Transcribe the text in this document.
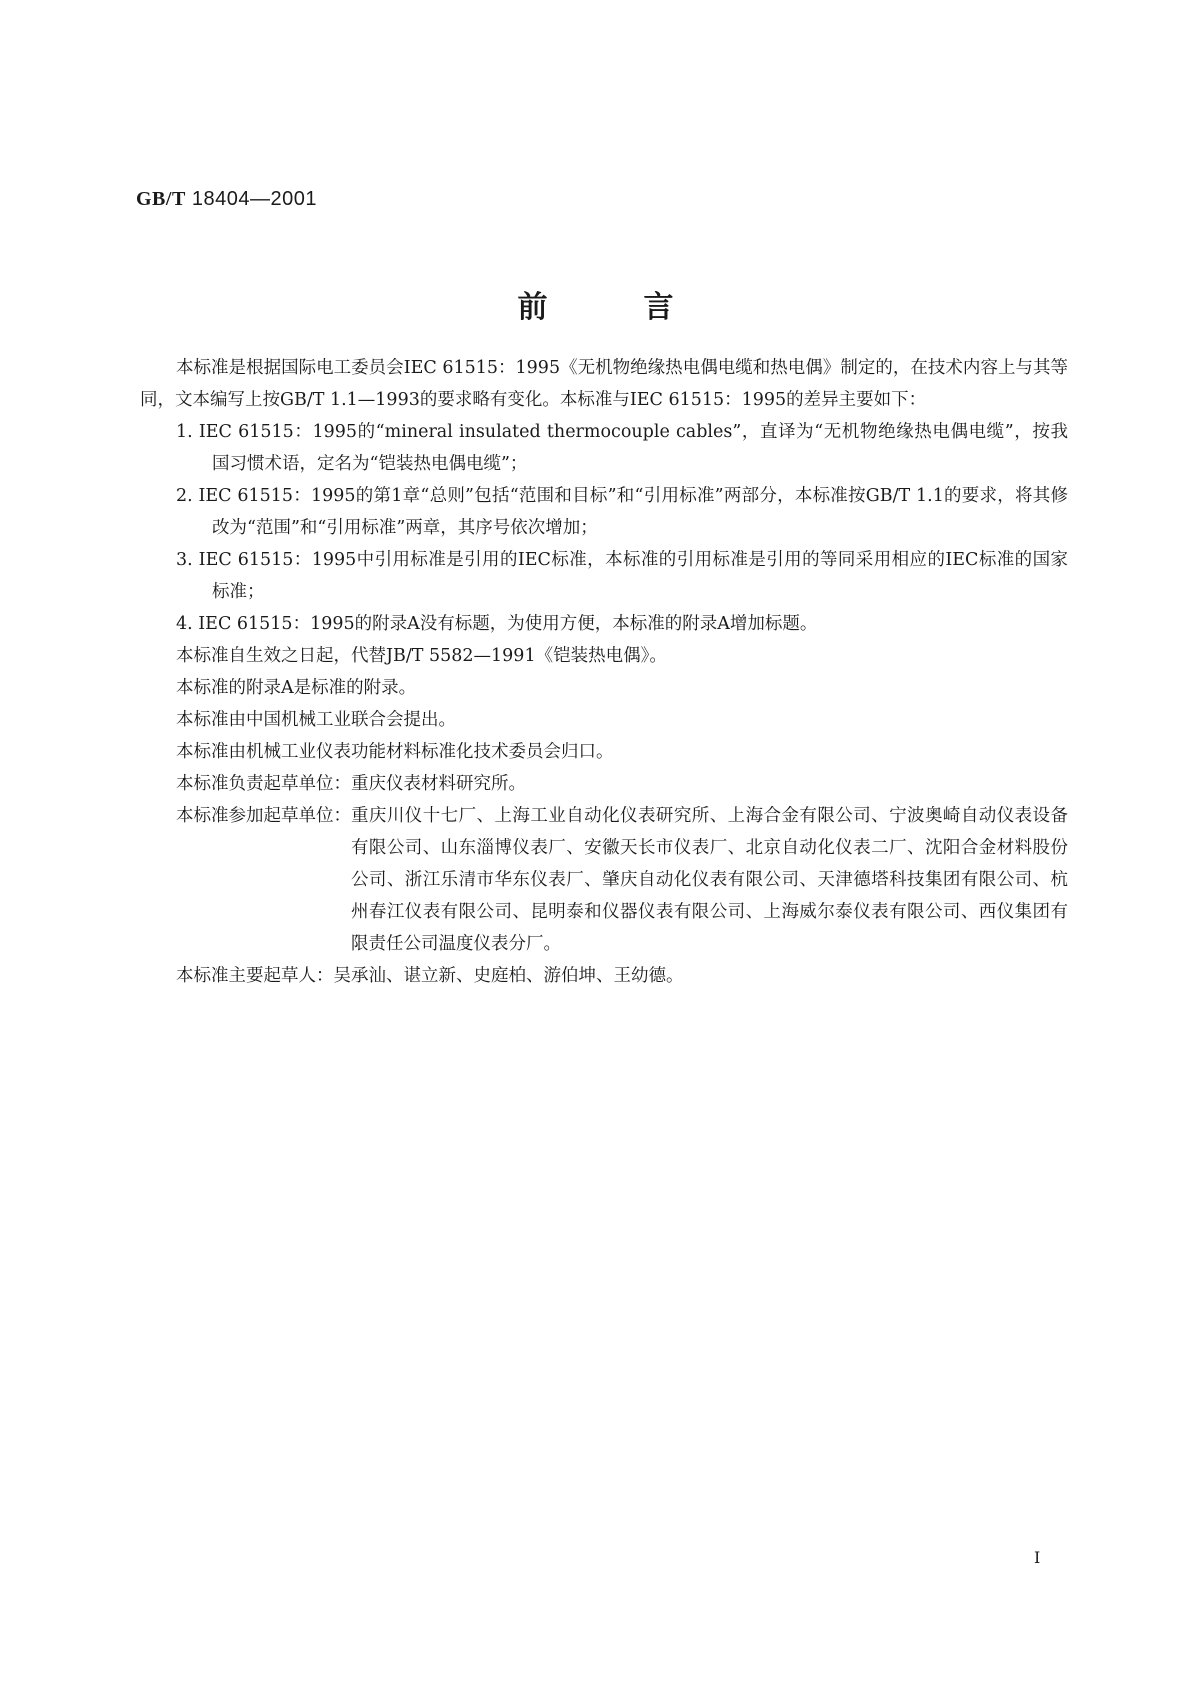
GB/T 18404—2001
前	言

本标准是根据国际电工委员会IEC 61515：1995《无机物绝缘热电偶电缆和热电偶》制定的，在技术内容上与其等同，文本编写上按GB/T 1.1—1993的要求略有变化。本标准与IEC 61515：1995的差异主要如下：

1. IEC 61515：1995的“mineral insulated thermocouple cables”，直译为“无机物绝缘热电偶电缆”，按我国习惯术语，定名为“铠装热电偶电缆”；

2. IEC 61515：1995的第1章“总则”包括“范围和目标”和“引用标准”两部分，本标准按GB/T 1.1的要求，将其修改为“范围”和“引用标准”两章，其序号依次增加；

3. IEC 61515：1995中引用标准是引用的IEC标准，本标准的引用标准是引用的等同采用相应的IEC标准的国家标准；

4. IEC 61515：1995的附录A没有标题，为使用方便，本标准的附录A增加标题。

本标准自生效之日起，代替JB/T 5582—1991《铠装热电偶》。

本标准的附录A是标准的附录。

本标准由中国机械工业联合会提出。

本标准由机械工业仪表功能材料标准化技术委员会归口。

本标准负责起草单位： 重庆仪表材料研究所。
本标准参加起草单位： 重庆川仪十七厂、上海工业自动化仪表研究所、上海合金有限公司、宁波奥崎自动仪表设备有限公司、山东淄博仪表厂、安徽天长市仪表厂、北京自动化仪表二厂、沈阳合金材料股份公司、浙江乐清市华东仪表厂、肇庆自动化仪表有限公司、天津德塔科技集团有限公司、杭州春江仪表有限公司、昆明泰和仪器仪表有限公司、上海威尔泰仪表有限公司、西仪集团有限责任公司温度仪表分厂。
本标准主要起草人： 吴承汕、谌立新、史庭柏、游伯坤、王幼德。
I
